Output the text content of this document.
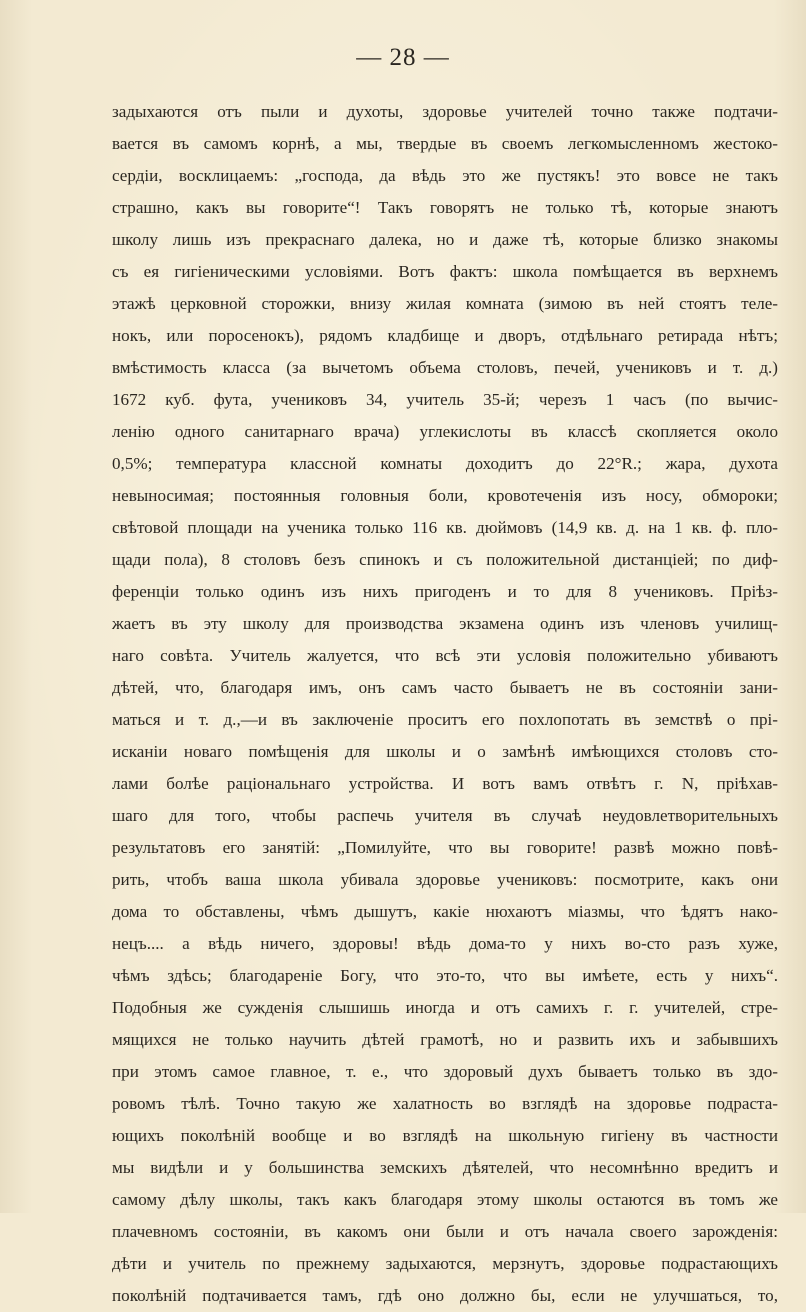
— 28 —
задыхаются отъ пыли и духоты, здоровье учителей точно также подтачи-
вается въ самомъ корнѣ, а мы, твердые въ своемъ легкомысленномъ жестоко-
сердіи, восклицаемъ: „господа, да вѣдь это же пустякъ! это вовсе не такъ
страшно, какъ вы говорите“! Такъ говорятъ не только тѣ, которые знаютъ
школу лишь изъ прекраснаго далека, но и даже тѣ, которые близко знакомы
съ ея гигіеническими условіями. Вотъ фактъ: школа помѣщается въ верхнемъ
этажѣ церковной сторожки, внизу жилая комната (зимою въ ней стоятъ теле-
нокъ, или поросенокъ), рядомъ кладбище и дворъ, отдѣльнаго ретирада нѣтъ;
вмѣстимость класса (за вычетомъ объема столовъ, печей, учениковъ и т. д.)
1672 куб. фута, учениковъ 34, учитель 35-й; черезъ 1 часъ (по вычис-
ленію одного санитарнаго врача) углекислоты въ классѣ скопляется около
0,5%; температура классной комнаты доходитъ до 22°R.; жара, духота
невыносимая; постоянныя головныя боли, кровотеченія изъ носу, обмороки;
свѣтовой площади на ученика только 116 кв. дюймовъ (14,9 кв. д. на 1 кв. ф. пло-
щади пола), 8 столовъ безъ спинокъ и съ положительной дистанціей; по диф-
ференціи только одинъ изъ нихъ пригоденъ и то для 8 учениковъ. Пріѣз-
жаетъ въ эту школу для производства экзамена одинъ изъ членовъ училищ-
наго совѣта. Учитель жалуется, что всѣ эти условія положительно убиваютъ
дѣтей, что, благодаря имъ, онъ самъ часто бываетъ не въ состояніи зани-
маться и т. д.,—и въ заключеніе проситъ его похлопотать въ земствѣ о прі-
исканіи новаго помѣщенія для школы и о замѣнѣ имѣющихся столовъ сто-
лами болѣе раціональнаго устройства. И вотъ вамъ отвѣтъ г. N, пріѣхав-
шаго для того, чтобы распечь учителя въ случаѣ неудовлетворительныхъ
результатовъ его занятій: „Помилуйте, что вы говорите! развѣ можно повѣ-
рить, чтобъ ваша школа убивала здоровье учениковъ: посмотрите, какъ они
дома то обставлены, чѣмъ дышутъ, какіе нюхаютъ міазмы, что ѣдятъ нако-
нецъ.... а вѣдь ничего, здоровы! вѣдь дома-то у нихъ во-сто разъ хуже,
чѣмъ здѣсь; благодареніе Богу, что это-то, что вы имѣете, есть у нихъ“.
Подобныя же сужденія слышишь иногда и отъ самихъ г. г. учителей, стре-
мящихся не только научить дѣтей грамотѣ, но и развить ихъ и забывшихъ
при этомъ самое главное, т. е., что здоровый духъ бываетъ только въ здо-
ровомъ тѣлѣ. Точно такую же халатность во взглядѣ на здоровье подраста-
ющихъ поколѣній вообще и во взглядѣ на школьную гигіену въ частности
мы видѣли и у большинства земскихъ дѣятелей, что несомнѣнно вредитъ и
самому дѣлу школы, такъ какъ благодаря этому школы остаются въ томъ же
плачевномъ состояніи, въ какомъ они были и отъ начала своего зарожденія:
дѣти и учитель по прежнему задыхаются, мерзнутъ, здоровье подрастающихъ
поколѣній подтачивается тамъ, гдѣ оно должно бы, если не улучшаться, то,
